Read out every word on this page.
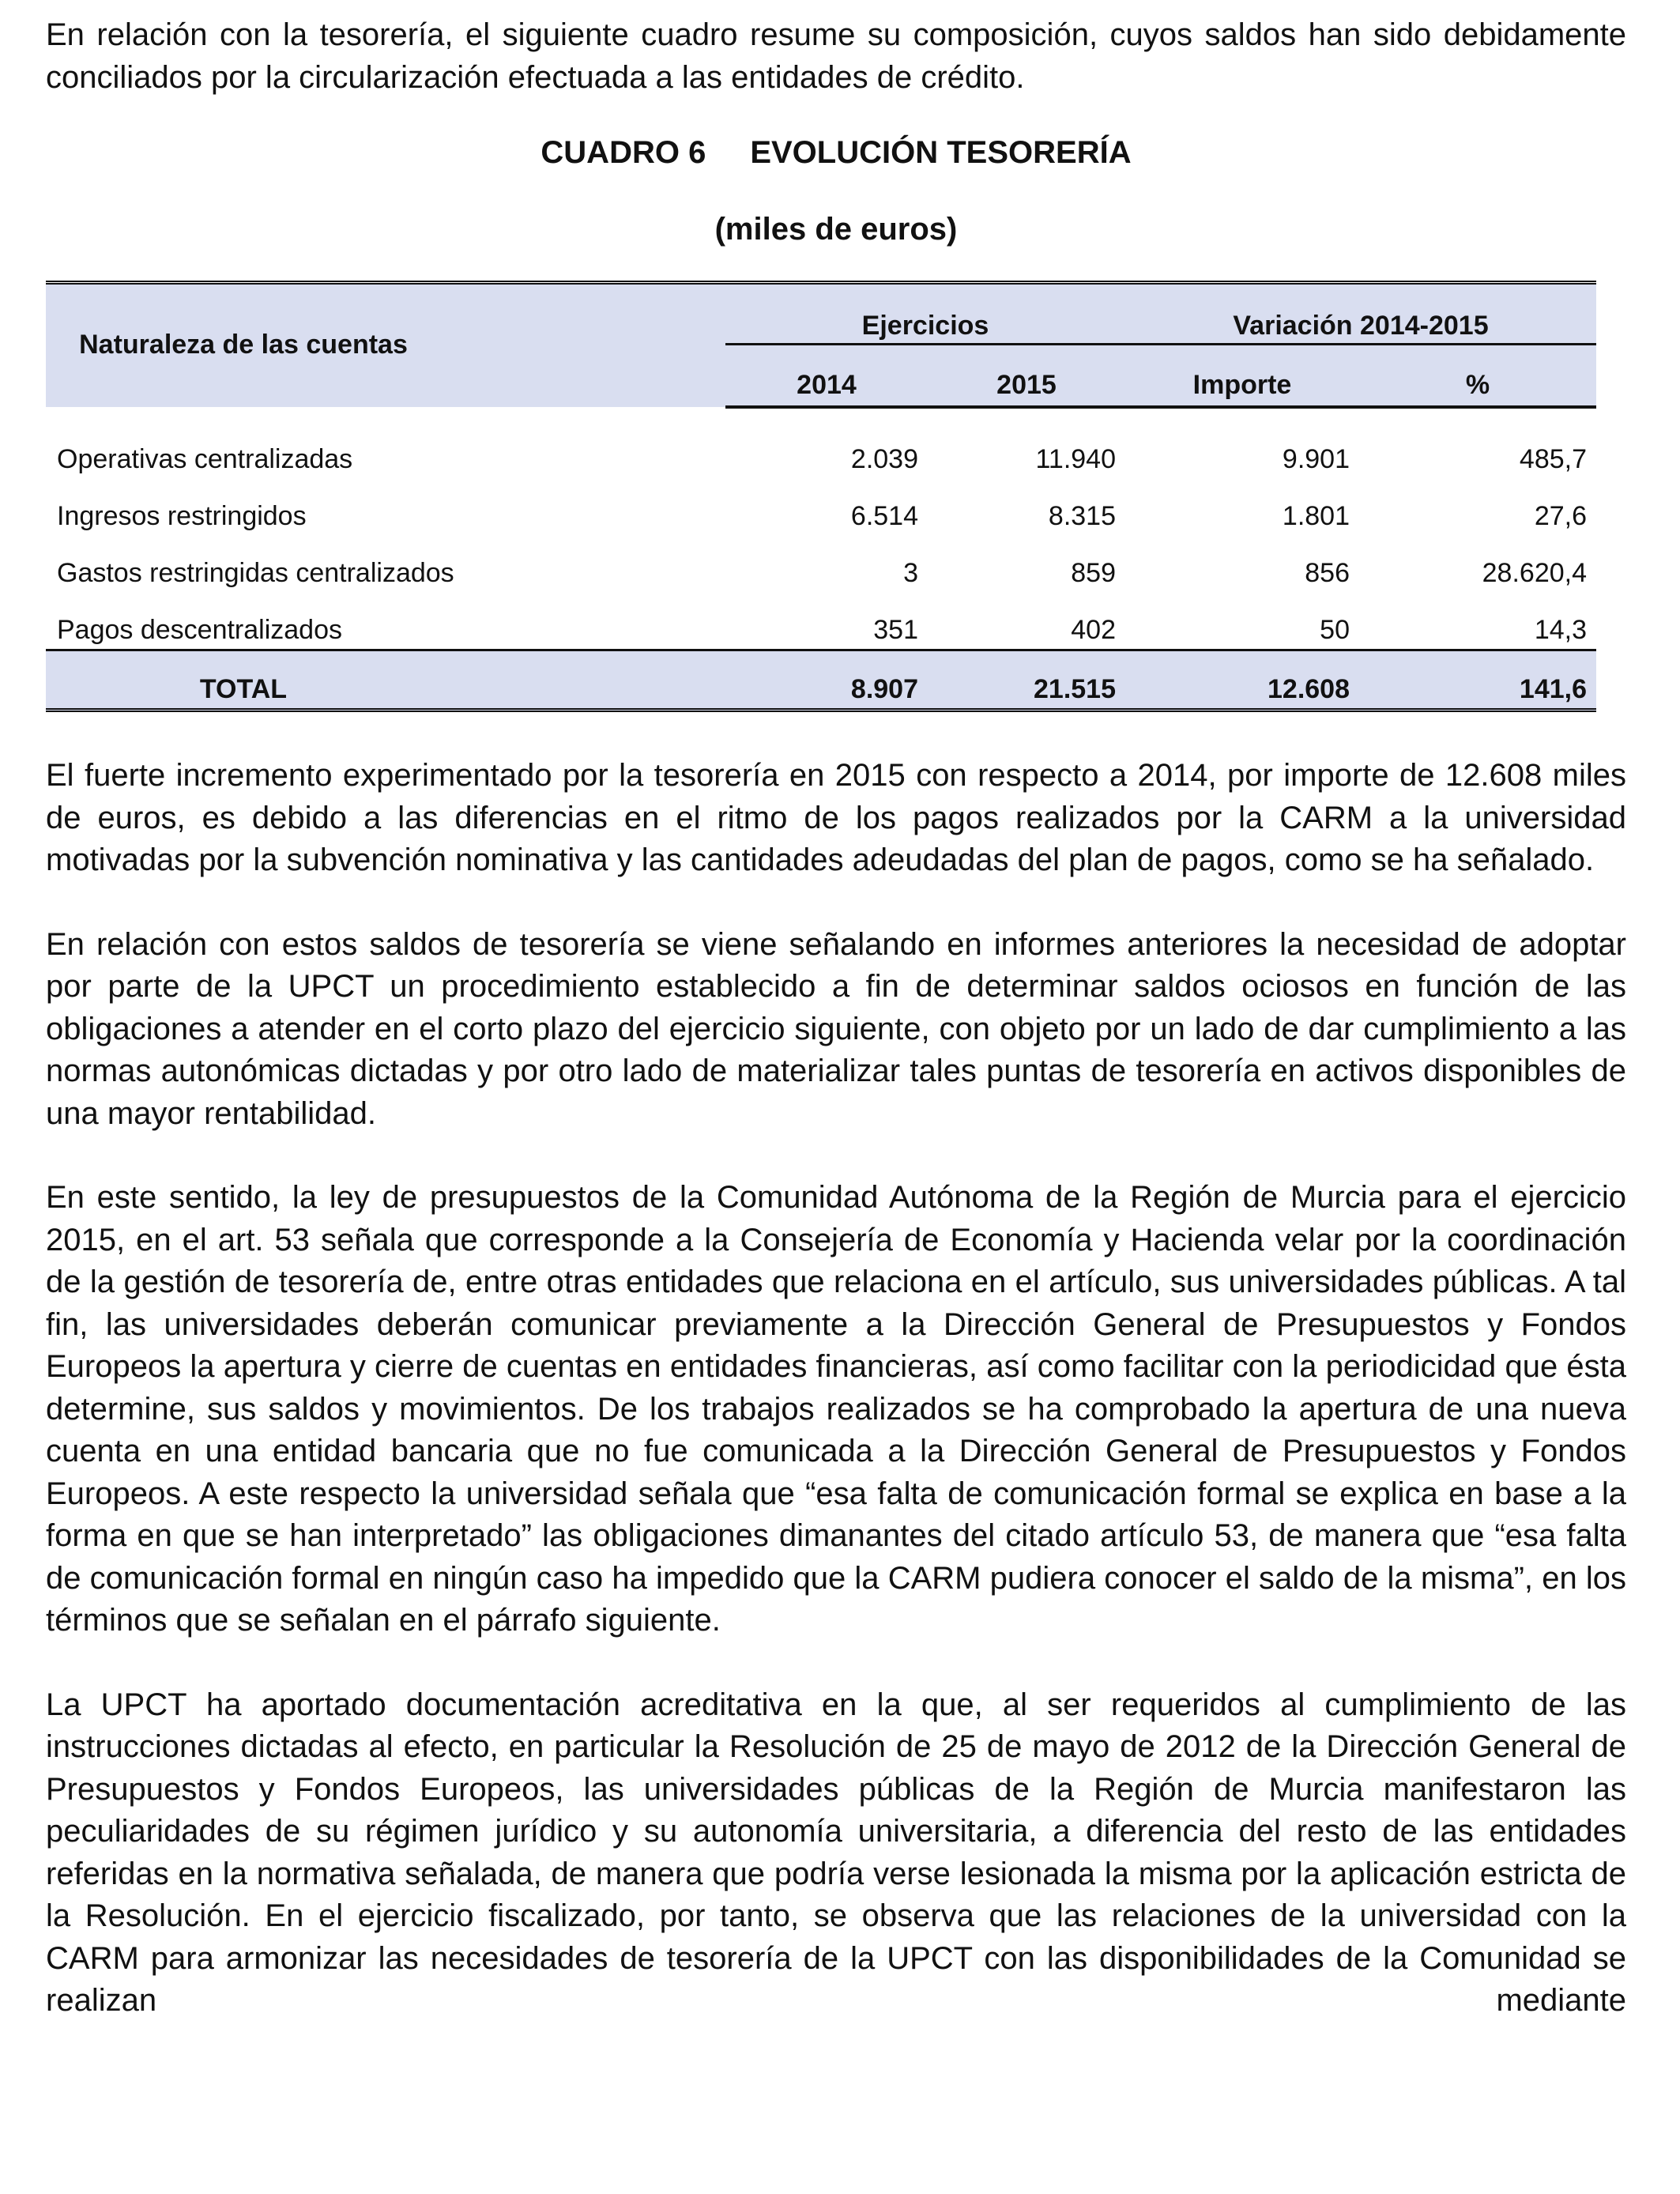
En relación con la tesorería, el siguiente cuadro resume su composición, cuyos saldos han sido debidamente conciliados por la circularización efectuada a las entidades de crédito.

CUADRO 6 EVOLUCIÓN TESORERÍA

(miles de euros)

Naturaleza de las cuentas	Ejercicios		Variación 2014-2015	
	2014	2015	Importe	%
Operativas centralizadas	2.039	11.940	9.901	485,7
Ingresos restringidos	6.514	8.315	1.801	27,6
Gastos restringidas centralizados	3	859	856	28.620,4
Pagos descentralizados	351	402	50	14,3
TOTAL	8.907	21.515	12.608	141,6

El fuerte incremento experimentado por la tesorería en 2015 con respecto a 2014, por importe de 12.608 miles de euros, es debido a las diferencias en el ritmo de los pagos realizados por la CARM a la universidad motivadas por la subvención nominativa y las cantidades adeudadas del plan de pagos, como se ha señalado.

En relación con estos saldos de tesorería se viene señalando en informes anteriores la necesidad de adoptar por parte de la UPCT un procedimiento establecido a fin de determinar saldos ociosos en función de las obligaciones a atender en el corto plazo del ejercicio siguiente, con objeto por un lado de dar cumplimiento a las normas autonómicas dictadas y por otro lado de materializar tales puntas de tesorería en activos disponibles de una mayor rentabilidad.

En este sentido, la ley de presupuestos de la Comunidad Autónoma de la Región de Murcia para el ejercicio 2015, en el art. 53 señala que corresponde a la Consejería de Economía y Hacienda velar por la coordinación de la gestión de tesorería de, entre otras entidades que relaciona en el artículo, sus universidades públicas. A tal fin, las universidades deberán comunicar previamente a la Dirección General de Presupuestos y Fondos Europeos la apertura y cierre de cuentas en entidades financieras, así como facilitar con la periodicidad que ésta determine, sus saldos y movimientos. De los trabajos realizados se ha comprobado la apertura de una nueva cuenta en una entidad bancaria que no fue comunicada a la Dirección General de Presupuestos y Fondos Europeos. A este respecto la universidad señala que “esa falta de comunicación formal se explica en base a la forma en que se han interpretado” las obligaciones dimanantes del citado artículo 53, de manera que “esa falta de comunicación formal en ningún caso ha impedido que la CARM pudiera conocer el saldo de la misma”, en los términos que se señalan en el párrafo siguiente.

La UPCT ha aportado documentación acreditativa en la que, al ser requeridos al cumplimiento de las instrucciones dictadas al efecto, en particular la Resolución de 25 de mayo de 2012 de la Dirección General de Presupuestos y Fondos Europeos, las universidades públicas de la Región de Murcia manifestaron las peculiaridades de su régimen jurídico y su autonomía universitaria, a diferencia del resto de las entidades referidas en la normativa señalada, de manera que podría verse lesionada la misma por la aplicación estricta de la Resolución. En el ejercicio fiscalizado, por tanto, se observa que las relaciones de la universidad con la CARM para armonizar las necesidades de tesorería de la UPCT con las disponibilidades de la Comunidad se realizan mediante
